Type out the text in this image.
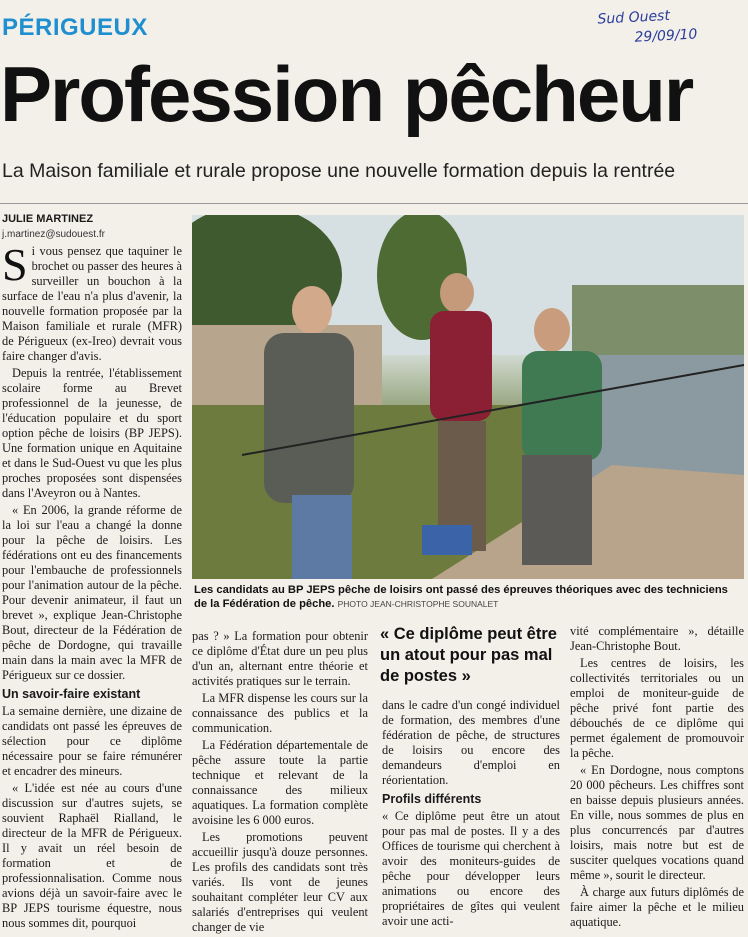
PÉRIGUEUX	Sud Ouest
29/09/10
Profession pêcheur
La Maison familiale et rurale propose une nouvelle formation depuis la rentrée
JULIE MARTINEZ
j.martinez@sudouest.fr
S i vous pensez que taquiner le brochet ou passer des heures à surveiller un bouchon à la surface de l'eau n'a plus d'avenir, la nouvelle formation proposée par la Maison familiale et rurale (MFR) de Périgueux (ex-Ireo) devrait vous faire changer d'avis.

Depuis la rentrée, l'établissement scolaire forme au Brevet professionnel de la jeunesse, de l'éducation populaire et du sport option pêche de loisirs (BP JEPS). Une formation unique en Aquitaine et dans le Sud-Ouest vu que les plus proches proposées sont dispensées dans l'Aveyron ou à Nantes.

« En 2006, la grande réforme de la loi sur l'eau a changé la donne pour la pêche de loisirs. Les fédérations ont eu des financements pour l'embauche de professionnels pour l'animation autour de la pêche. Pour devenir animateur, il faut un brevet », explique Jean-Christophe Bout, directeur de la Fédération de pêche de Dordogne, qui travaille main dans la main avec la MFR de Périgueux sur ce dossier.

Un savoir-faire existant

La semaine dernière, une dizaine de candidats ont passé les épreuves de sélection pour ce diplôme nécessaire pour se faire rémunérer et encadrer des mineurs.

« L'idée est née au cours d'une discussion sur d'autres sujets, se souvient Raphaël Rialland, le directeur de la MFR de Périgueux. Il y avait un réel besoin de formation et de professionnalisation. Comme nous avions déjà un savoir-faire avec le BP JEPS tourisme équestre, nous nous sommes dit, pourquoi

Les candidats au BP JEPS pêche de loisirs ont passé des épreuves théoriques avec des techniciens de la Fédération de pêche. PHOTO JEAN-CHRISTOPHE SOUNALET

pas ? » La formation pour obtenir ce diplôme d'État dure un peu plus d'un an, alternant entre théorie et activités pratiques sur le terrain.

La MFR dispense les cours sur la connaissance des publics et la communication.

La Fédération départementale de pêche assure toute la partie technique et relevant de la connaissance des milieux aquatiques. La formation complète avoisine les 6 000 euros.

Les promotions peuvent accueillir jusqu'à douze personnes. Les profils des candidats sont très variés. Ils vont de jeunes souhaitant compléter leur CV aux salariés d'entreprises qui veulent changer de vie

« Ce diplôme peut être un atout pour pas mal de postes »

dans le cadre d'un congé individuel de formation, des membres d'une fédération de pêche, de structures de loisirs ou encore des demandeurs d'emploi en réorientation.

Profils différents

« Ce diplôme peut être un atout pour pas mal de postes. Il y a des Offices de tourisme qui cherchent à avoir des moniteurs-guides de pêche pour développer leurs animations ou encore des propriétaires de gîtes qui veulent avoir une acti-

vité complémentaire », détaille Jean-Christophe Bout.

Les centres de loisirs, les collectivités territoriales ou un emploi de moniteur-guide de pêche privé font partie des débouchés de ce diplôme qui permet également de promouvoir la pêche.

« En Dordogne, nous comptons 20 000 pêcheurs. Les chiffres sont en baisse depuis plusieurs années. En ville, nous sommes de plus en plus concurrencés par d'autres loisirs, mais notre but est de susciter quelques vocations quand même », sourit le directeur.

À charge aux futurs diplômés de faire aimer la pêche et le milieu aquatique.
